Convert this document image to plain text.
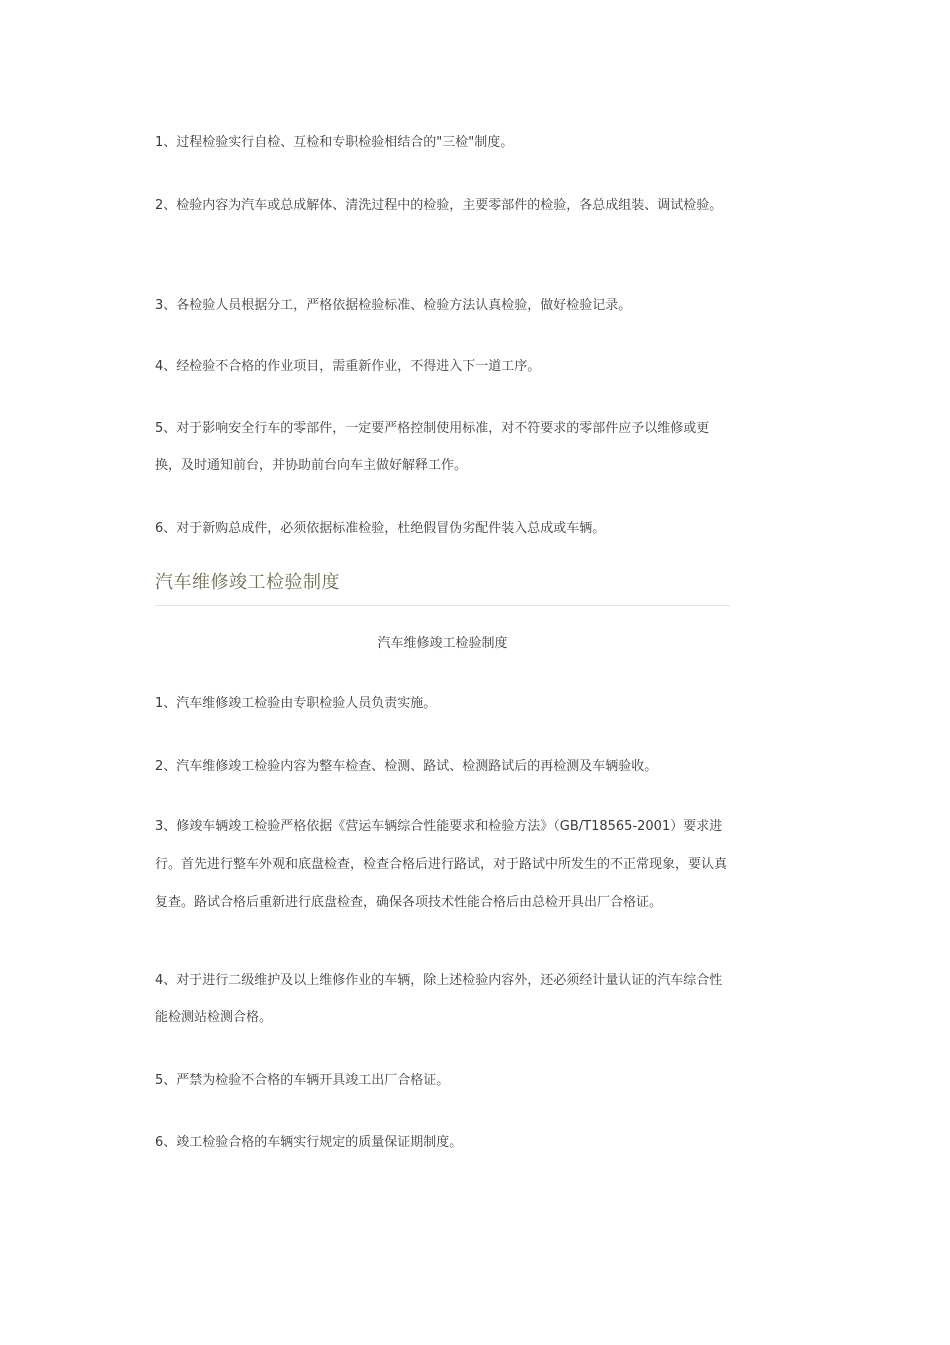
1、过程检验实行自检、互检和专职检验相结合的"三检"制度。
2、检验内容为汽车或总成解体、清洗过程中的检验，主要零部件的检验，各总成组装、调试检验。
3、各检验人员根据分工，严格依据检验标准、检验方法认真检验，做好检验记录。
4、经检验不合格的作业项目，需重新作业，不得进入下一道工序。
5、对于影响安全行车的零部件，一定要严格控制使用标准，对不符要求的零部件应予以维修或更换，及时通知前台，并协助前台向车主做好解释工作。
6、对于新购总成件，必须依据标准检验，杜绝假冒伪劣配件装入总成或车辆。
汽车维修竣工检验制度
汽车维修竣工检验制度
1、汽车维修竣工检验由专职检验人员负责实施。
2、汽车维修竣工检验内容为整车检查、检测、路试、检测路试后的再检测及车辆验收。
3、修竣车辆竣工检验严格依据《营运车辆综合性能要求和检验方法》（GB/T18565-2001）要求进行。首先进行整车外观和底盘检查，检查合格后进行路试，对于路试中所发生的不正常现象，要认真复查。路试合格后重新进行底盘检查，确保各项技术性能合格后由总检开具出厂合格证。
4、对于进行二级维护及以上维修作业的车辆，除上述检验内容外，还必须经计量认证的汽车综合性能检测站检测合格。
5、严禁为检验不合格的车辆开具竣工出厂合格证。
6、竣工检验合格的车辆实行规定的质量保证期制度。
